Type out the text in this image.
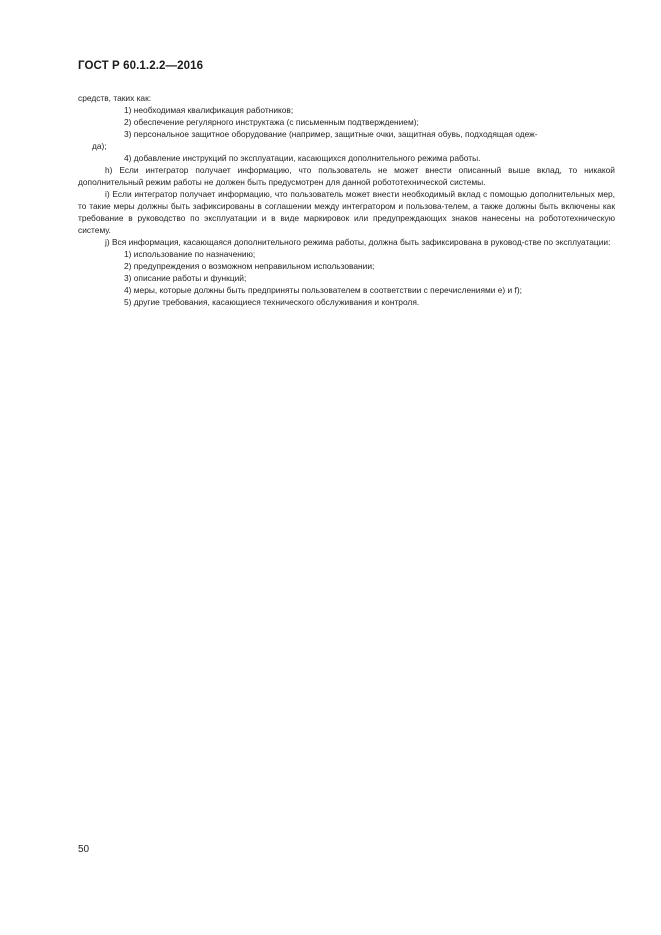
ГОСТ Р 60.1.2.2—2016

средств, таких как:

1) необходимая квалификация работников;

2) обеспечение регулярного инструктажа (с письменным подтверждением);

3) персональное защитное оборудование (например, защитные очки, защитная обувь, подходящая одеж-

да);

4) добавление инструкций по эксплуатации, касающихся дополнительного режима работы.

h) Если интегратор получает информацию, что пользователь не может внести описанный выше вклад, то никакой дополнительный режим работы не должен быть предусмотрен для данной робототехнической системы.

i) Если интегратор получает информацию, что пользователь может внести необходимый вклад с помощью дополнительных мер, то такие меры должны быть зафиксированы в соглашении между интегратором и пользова-телем, а также должны быть включены как требование в руководство по эксплуатации и в виде маркировок или предупреждающих знаков нанесены на робототехническую систему.

j) Вся информация, касающаяся дополнительного режима работы, должна быть зафиксирована в руковод-стве по эксплуатации:

1) использование по назначению;

2) предупреждения о возможном неправильном использовании;

3) описание работы и функций;

4) меры, которые должны быть предприняты пользователем в соответствии с перечислениями e) и f);

5) другие требования, касающиеся технического обслуживания и контроля.

50
